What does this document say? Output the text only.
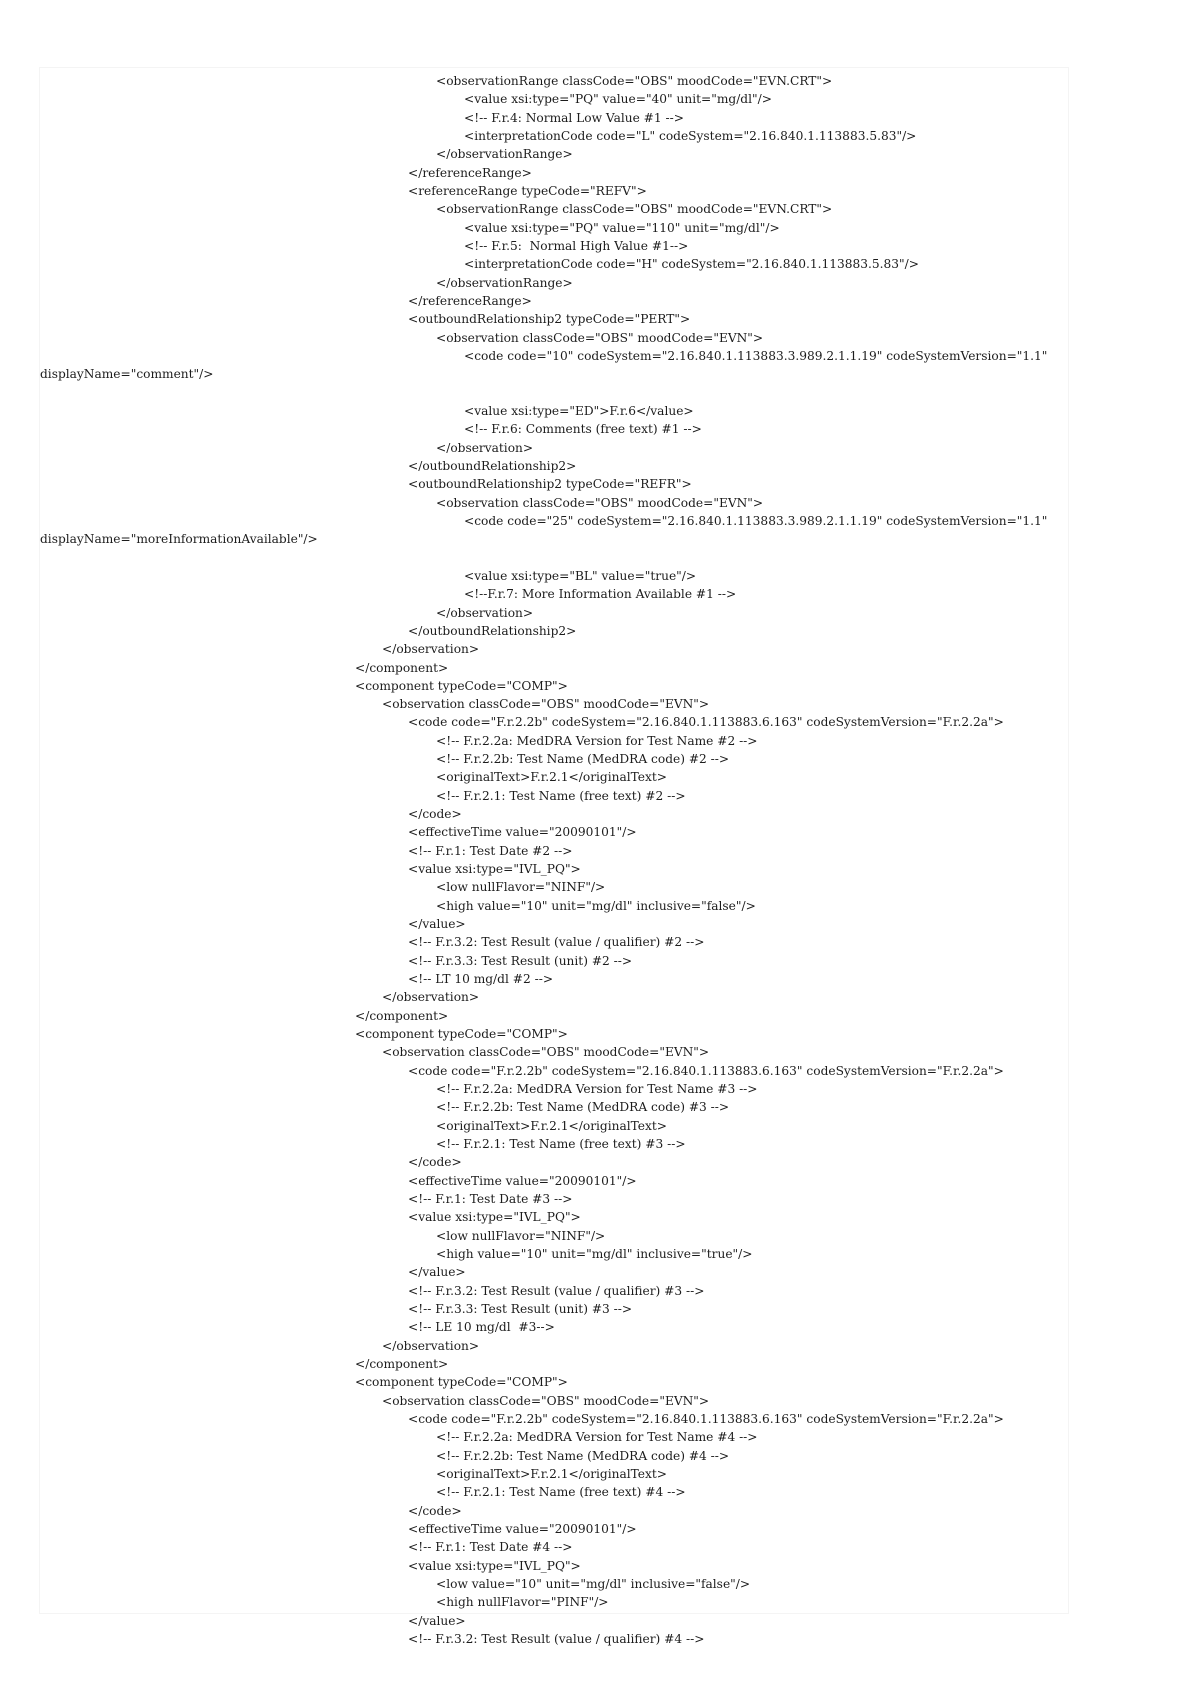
<observationRange classCode="OBS" moodCode="EVN.CRT">
<value xsi:type="PQ" value="40" unit="mg/dl"/>
<!-- F.r.4: Normal Low Value #1 -->
<interpretationCode code="L" codeSystem="2.16.840.1.113883.5.83"/>
</observationRange>
</referenceRange>
<referenceRange typeCode="REFV">
<observationRange classCode="OBS" moodCode="EVN.CRT">
<value xsi:type="PQ" value="110" unit="mg/dl"/>
<!-- F.r.5:  Normal High Value #1-->
<interpretationCode code="H" codeSystem="2.16.840.1.113883.5.83"/>
</observationRange>
</referenceRange>
<outboundRelationship2 typeCode="PERT">
<observation classCode="OBS" moodCode="EVN">
<code code="10" codeSystem="2.16.840.1.113883.3.989.2.1.1.19" codeSystemVersion="1.1"
displayName="comment"/>
<value xsi:type="ED">F.r.6</value>
<!-- F.r.6: Comments (free text) #1 -->
</observation>
</outboundRelationship2>
<outboundRelationship2 typeCode="REFR">
<observation classCode="OBS" moodCode="EVN">
<code code="25" codeSystem="2.16.840.1.113883.3.989.2.1.1.19" codeSystemVersion="1.1"
displayName="moreInformationAvailable"/>
<value xsi:type="BL" value="true"/>
<!--F.r.7: More Information Available #1 -->
</observation>
</outboundRelationship2>
</observation>
</component>
<component typeCode="COMP">
<observation classCode="OBS" moodCode="EVN">
<code code="F.r.2.2b" codeSystem="2.16.840.1.113883.6.163" codeSystemVersion="F.r.2.2a">
<!-- F.r.2.2a: MedDRA Version for Test Name #2 -->
<!-- F.r.2.2b: Test Name (MedDRA code) #2 -->
<originalText>F.r.2.1</originalText>
<!-- F.r.2.1: Test Name (free text) #2 -->
</code>
<effectiveTime value="20090101"/>
<!-- F.r.1: Test Date #2 -->
<value xsi:type="IVL_PQ">
<low nullFlavor="NINF"/>
<high value="10" unit="mg/dl" inclusive="false"/>
</value>
<!-- F.r.3.2: Test Result (value / qualifier) #2 -->
<!-- F.r.3.3: Test Result (unit) #2 -->
<!-- LT 10 mg/dl #2 -->
</observation>
</component>
<component typeCode="COMP">
<observation classCode="OBS" moodCode="EVN">
<code code="F.r.2.2b" codeSystem="2.16.840.1.113883.6.163" codeSystemVersion="F.r.2.2a">
<!-- F.r.2.2a: MedDRA Version for Test Name #3 -->
<!-- F.r.2.2b: Test Name (MedDRA code) #3 -->
<originalText>F.r.2.1</originalText>
<!-- F.r.2.1: Test Name (free text) #3 -->
</code>
<effectiveTime value="20090101"/>
<!-- F.r.1: Test Date #3 -->
<value xsi:type="IVL_PQ">
<low nullFlavor="NINF"/>
<high value="10" unit="mg/dl" inclusive="true"/>
</value>
<!-- F.r.3.2: Test Result (value / qualifier) #3 -->
<!-- F.r.3.3: Test Result (unit) #3 -->
<!-- LE 10 mg/dl  #3-->
</observation>
</component>
<component typeCode="COMP">
<observation classCode="OBS" moodCode="EVN">
<code code="F.r.2.2b" codeSystem="2.16.840.1.113883.6.163" codeSystemVersion="F.r.2.2a">
<!-- F.r.2.2a: MedDRA Version for Test Name #4 -->
<!-- F.r.2.2b: Test Name (MedDRA code) #4 -->
<originalText>F.r.2.1</originalText>
<!-- F.r.2.1: Test Name (free text) #4 -->
</code>
<effectiveTime value="20090101"/>
<!-- F.r.1: Test Date #4 -->
<value xsi:type="IVL_PQ">
<low value="10" unit="mg/dl" inclusive="false"/>
<high nullFlavor="PINF"/>
</value>
<!-- F.r.3.2: Test Result (value / qualifier) #4 -->
